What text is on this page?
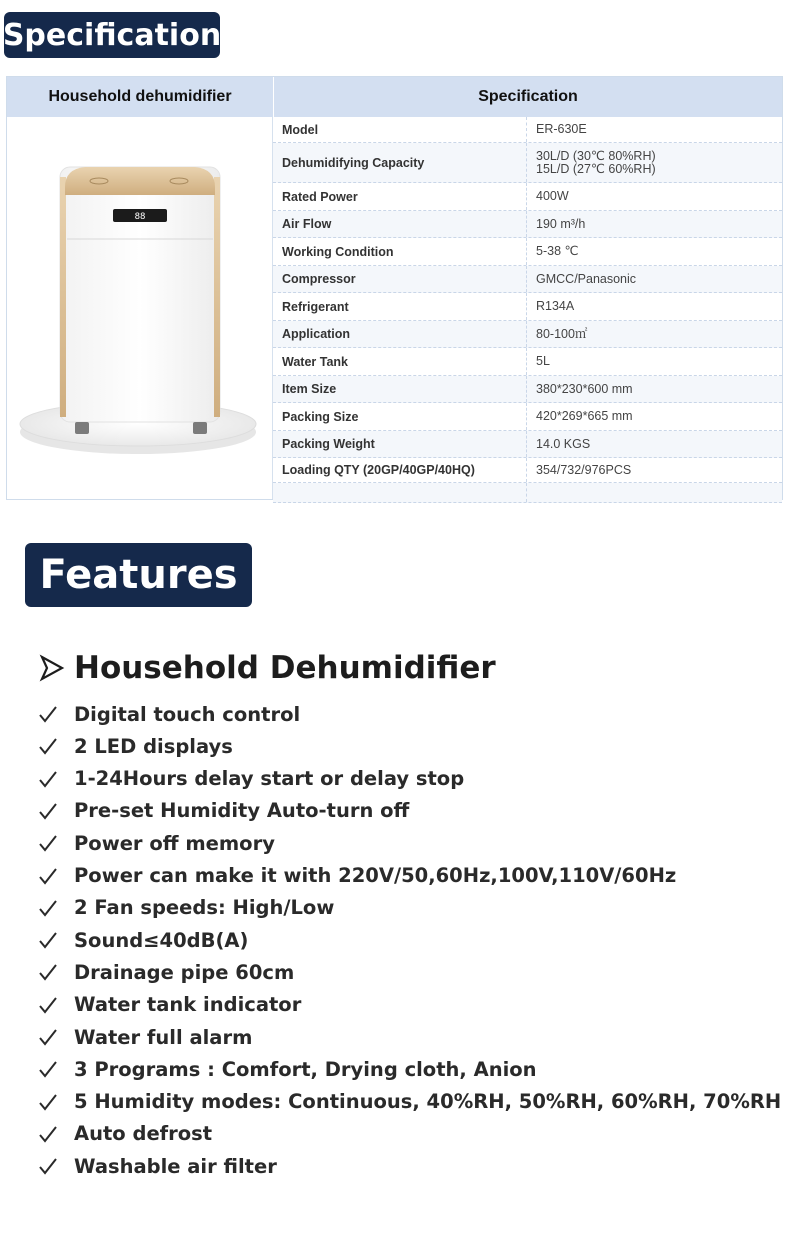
Specification
Household dehumidifier	Specification
88
Model	ER-630E
Dehumidifying Capacity	30L/D (30℃ 80%RH)
15L/D (27℃ 60%RH)
Rated Power	400W
Air Flow	190 m³/h
Working Condition	5-38 ℃
Compressor	GMCC/Panasonic
Refrigerant	R134A
Application	80-100㎡
Water Tank	5L
Item Size	380*230*600 mm
Packing Size	420*269*665 mm
Packing Weight	14.0 KGS
Loading QTY (20GP/40GP/40HQ)	354/732/976PCS
Features
Household Dehumidifier
Digital touch control
2 LED displays
1-24Hours delay start or delay stop
Pre-set Humidity Auto-turn off
Power off memory
Power can make it with 220V/50,60Hz,100V,110V/60Hz
2 Fan speeds: High/Low
Sound≤40dB(A)
Drainage pipe 60cm
Water tank indicator
Water full alarm
3 Programs : Comfort, Drying cloth, Anion
5 Humidity modes: Continuous, 40%RH, 50%RH, 60%RH, 70%RH
Auto defrost
Washable air filter
